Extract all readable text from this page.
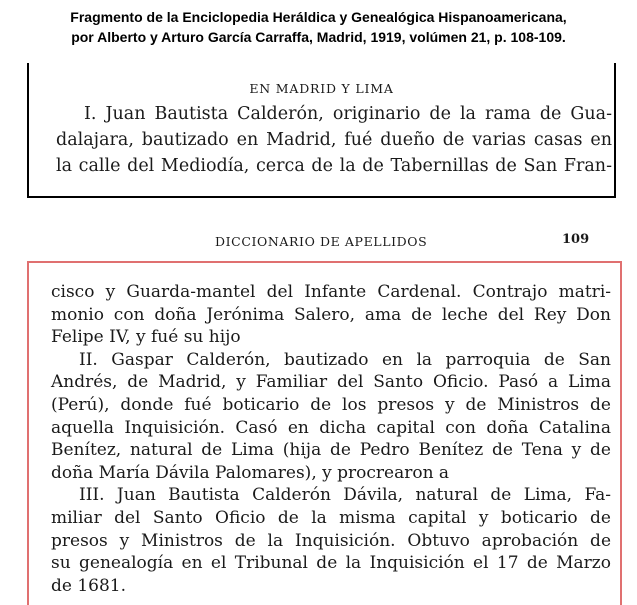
Fragmento de la Enciclopedia Heráldica y Genealógica Hispanoamericana,
por Alberto y Arturo García Carraffa, Madrid, 1919, volúmen 21, p. 108-109.
EN MADRID Y LIMA
I. Juan Bautista Calderón, originario de la rama de Gua-
dalajara, bautizado en Madrid, fué dueño de varias casas en
la calle del Mediodía, cerca de la de Tabernillas de San Fran-
DICCIONARIO DE APELLIDOS	109
cisco y Guarda-mantel del Infante Cardenal. Contrajo matri-
monio con doña Jerónima Salero, ama de leche del Rey Don
Felipe IV, y fué su hijo
II. Gaspar Calderón, bautizado en la parroquia de San
Andrés, de Madrid, y Familiar del Santo Oficio. Pasó a Lima
(Perú), donde fué boticario de los presos y de Ministros de
aquella Inquisición. Casó en dicha capital con doña Catalina
Benítez, natural de Lima (hija de Pedro Benítez de Tena y de
doña María Dávila Palomares), y procrearon a
III. Juan Bautista Calderón Dávila, natural de Lima, Fa-
miliar del Santo Oficio de la misma capital y boticario de
presos y Ministros de la Inquisición. Obtuvo aprobación de
su genealogía en el Tribunal de la Inquisición el 17 de Marzo
de 1681.
